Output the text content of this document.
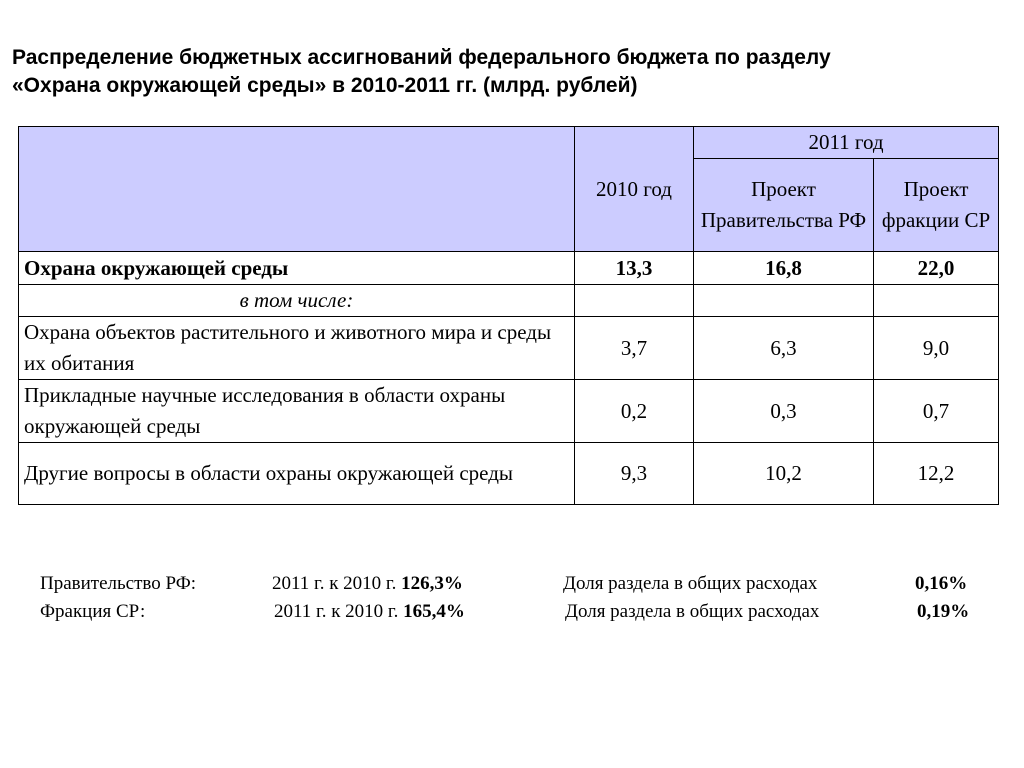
Распределение бюджетных ассигнований федерального бюджета по разделу
«Охрана окружающей среды» в 2010-2011 гг. (млрд. рублей)
	2010 год	2011 год	
		Проект Правительства РФ	Проект фракции СР
Охрана окружающей среды	13,3	16,8	22,0
в том числе:			
Охрана объектов растительного и животного мира и среды их обитания	3,7	6,3	9,0
Прикладные научные исследования в области охраны окружающей среды	0,2	0,3	0,7
Другие вопросы в области охраны окружающей среды	9,3	10,2	12,2
Правительство РФ:	2011 г. к 2010 г. 126,3%	Доля раздела в общих расходах	0,16%
Фракция СР:	2011 г. к 2010 г. 165,4%	Доля раздела в общих расходах	0,19%
